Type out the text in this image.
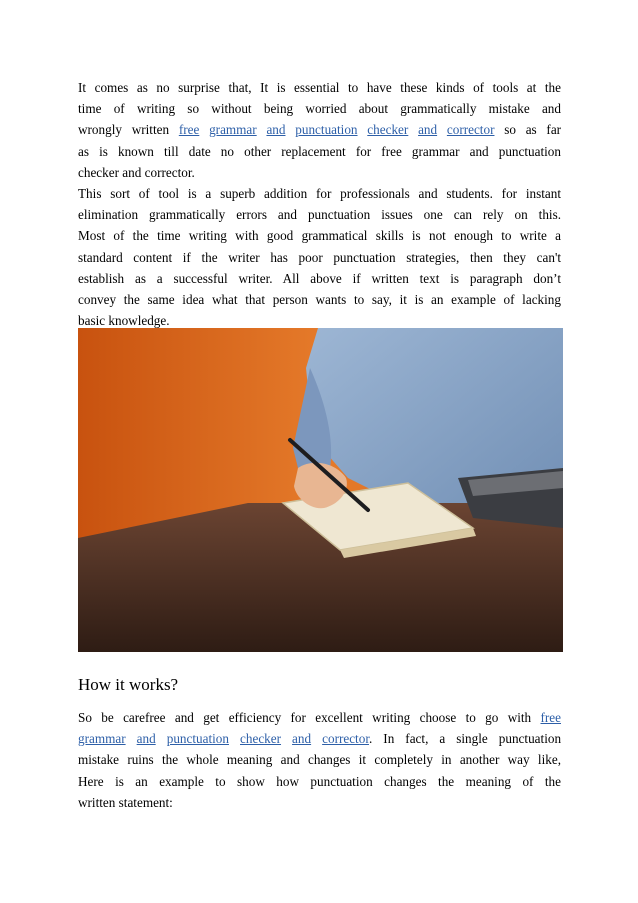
It comes as no surprise that, It is essential to have these kinds of tools at the
time of writing so without being worried about grammatically mistake and
wrongly written free grammar and punctuation checker and corrector so as far
as is known till date no other replacement for free grammar and punctuation
checker and corrector.

This sort of tool is a superb addition for professionals and students. for instant
elimination grammatically errors and punctuation issues one can rely on this.
Most of the time writing with good grammatical skills is not enough to write a
standard content if the writer has poor punctuation strategies, then they can't
establish as a successful writer. All above if written text is paragraph don’t
convey the same idea what that person wants to say, it is an example of lacking
basic knowledge.

How it works?

So be carefree and get efficiency for excellent writing choose to go with free
grammar and punctuation checker and corrector. In fact, a single punctuation
mistake ruins the whole meaning and changes it completely in another way like,
Here is an example to show how punctuation changes the meaning of the
written statement:
